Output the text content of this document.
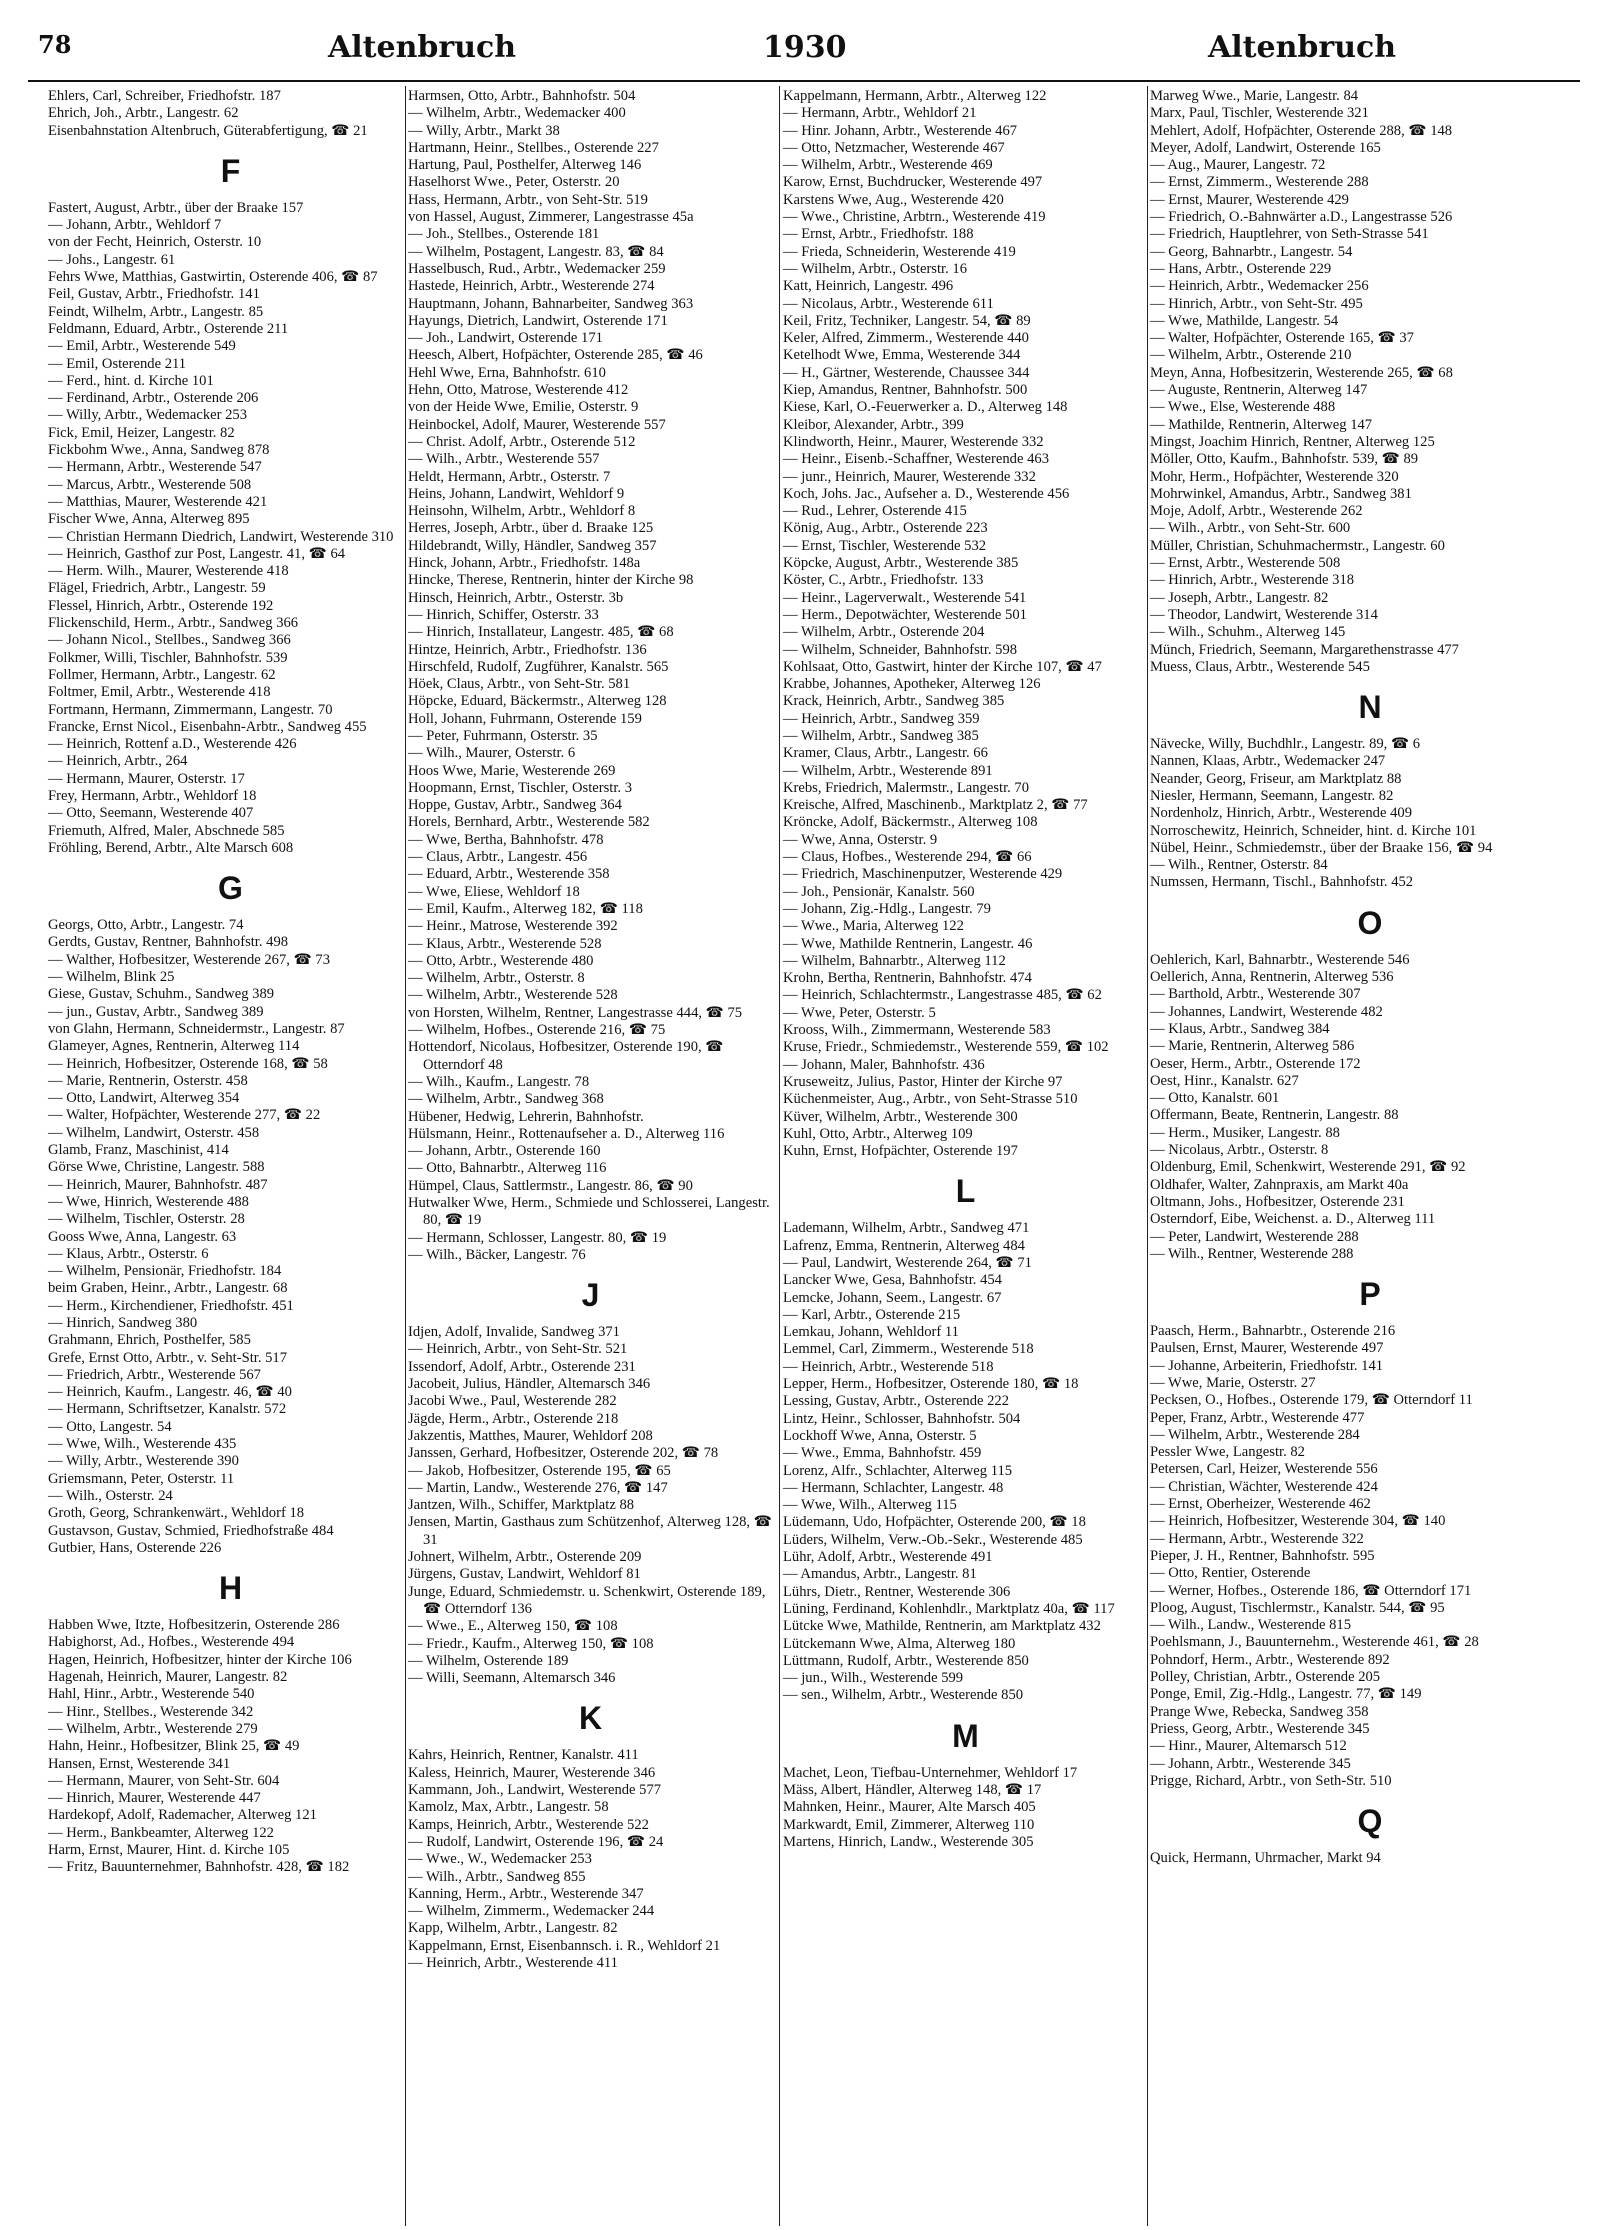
78	Altenbruch	1930	Altenbruch

Ehlers, Carl, Schreiber, Friedhofstr. 187

Ehrich, Joh., Arbtr., Langestr. 62

Eisenbahnstation Altenbruch, Güterabfertigung, ☎ 21

F

Fastert, August, Arbtr., über der Braake 157

— Johann, Arbtr., Wehldorf 7

von der Fecht, Heinrich, Osterstr. 10

— Johs., Langestr. 61

Fehrs Wwe, Matthias, Gastwirtin, Osterende 406, ☎ 87

Feil, Gustav, Arbtr., Friedhofstr. 141

Feindt, Wilhelm, Arbtr., Langestr. 85

Feldmann, Eduard, Arbtr., Osterende 211

— Emil, Arbtr., Westerende 549

— Emil, Osterende 211

— Ferd., hint. d. Kirche 101

— Ferdinand, Arbtr., Osterende 206

— Willy, Arbtr., Wedemacker 253

Fick, Emil, Heizer, Langestr. 82

Fickbohm Wwe., Anna, Sandweg 878

— Hermann, Arbtr., Westerende 547

— Marcus, Arbtr., Westerende 508

— Matthias, Maurer, Westerende 421

Fischer Wwe, Anna, Alterweg 895

— Christian Hermann Diedrich, Landwirt, Westerende 310

— Heinrich, Gasthof zur Post, Langestr. 41, ☎ 64

— Herm. Wilh., Maurer, Westerende 418

Flägel, Friedrich, Arbtr., Langestr. 59

Flessel, Hinrich, Arbtr., Osterende 192

Flickenschild, Herm., Arbtr., Sandweg 366

— Johann Nicol., Stellbes., Sandweg 366

Folkmer, Willi, Tischler, Bahnhofstr. 539

Follmer, Hermann, Arbtr., Langestr. 62

Foltmer, Emil, Arbtr., Westerende 418

Fortmann, Hermann, Zimmermann, Langestr. 70

Francke, Ernst Nicol., Eisenbahn-Arbtr., Sandweg 455

— Heinrich, Rottenf a.D., Westerende 426

— Heinrich, Arbtr., 264

— Hermann, Maurer, Osterstr. 17

Frey, Hermann, Arbtr., Wehldorf 18

— Otto, Seemann, Westerende 407

Friemuth, Alfred, Maler, Abschnede 585

Fröhling, Berend, Arbtr., Alte Marsch 608

G

Georgs, Otto, Arbtr., Langestr. 74

Gerdts, Gustav, Rentner, Bahnhofstr. 498

— Walther, Hofbesitzer, Westerende 267, ☎ 73

— Wilhelm, Blink 25

Giese, Gustav, Schuhm., Sandweg 389

— jun., Gustav, Arbtr., Sandweg 389

von Glahn, Hermann, Schneidermstr., Langestr. 87

Glameyer, Agnes, Rentnerin, Alterweg 114

— Heinrich, Hofbesitzer, Osterende 168, ☎ 58

— Marie, Rentnerin, Osterstr. 458

— Otto, Landwirt, Alterweg 354

— Walter, Hofpächter, Westerende 277, ☎ 22

— Wilhelm, Landwirt, Osterstr. 458

Glamb, Franz, Maschinist, 414

Görse Wwe, Christine, Langestr. 588

— Heinrich, Maurer, Bahnhofstr. 487

— Wwe, Hinrich, Westerende 488

— Wilhelm, Tischler, Osterstr. 28

Gooss Wwe, Anna, Langestr. 63

— Klaus, Arbtr., Osterstr. 6

— Wilhelm, Pensionär, Friedhofstr. 184

beim Graben, Heinr., Arbtr., Langestr. 68

— Herm., Kirchendiener, Friedhofstr. 451

— Hinrich, Sandweg 380

Grahmann, Ehrich, Posthelfer, 585

Grefe, Ernst Otto, Arbtr., v. Seht-Str. 517

— Friedrich, Arbtr., Westerende 567

— Heinrich, Kaufm., Langestr. 46, ☎ 40

— Hermann, Schriftsetzer, Kanalstr. 572

— Otto, Langestr. 54

— Wwe, Wilh., Westerende 435

— Willy, Arbtr., Westerende 390

Griemsmann, Peter, Osterstr. 11

— Wilh., Osterstr. 24

Groth, Georg, Schrankenwärt., Wehldorf 18

Gustavson, Gustav, Schmied, Friedhofstraße 484

Gutbier, Hans, Osterende 226

H

Habben Wwe, Itzte, Hofbesitzerin, Osterende 286

Habighorst, Ad., Hofbes., Westerende 494

Hagen, Heinrich, Hofbesitzer, hinter der Kirche 106

Hagenah, Heinrich, Maurer, Langestr. 82

Hahl, Hinr., Arbtr., Westerende 540

— Hinr., Stellbes., Westerende 342

— Wilhelm, Arbtr., Westerende 279

Hahn, Heinr., Hofbesitzer, Blink 25, ☎ 49

Hansen, Ernst, Westerende 341

— Hermann, Maurer, von Seht-Str. 604

— Hinrich, Maurer, Westerende 447

Hardekopf, Adolf, Rademacher, Alterweg 121

— Herm., Bankbeamter, Alterweg 122

Harm, Ernst, Maurer, Hint. d. Kirche 105

— Fritz, Bauunternehmer, Bahnhofstr. 428, ☎ 182

Harmsen, Otto, Arbtr., Bahnhofstr. 504

— Wilhelm, Arbtr., Wedemacker 400

— Willy, Arbtr., Markt 38

Hartmann, Heinr., Stellbes., Osterende 227

Hartung, Paul, Posthelfer, Alterweg 146

Haselhorst Wwe., Peter, Osterstr. 20

Hass, Hermann, Arbtr., von Seht-Str. 519

von Hassel, August, Zimmerer, Langestrasse 45a

— Joh., Stellbes., Osterende 181

— Wilhelm, Postagent, Langestr. 83, ☎ 84

Hasselbusch, Rud., Arbtr., Wedemacker 259

Hastede, Heinrich, Arbtr., Westerende 274

Hauptmann, Johann, Bahnarbeiter, Sandweg 363

Hayungs, Dietrich, Landwirt, Osterende 171

— Joh., Landwirt, Osterende 171

Heesch, Albert, Hofpächter, Osterende 285, ☎ 46

Hehl Wwe, Erna, Bahnhofstr. 610

Hehn, Otto, Matrose, Westerende 412

von der Heide Wwe, Emilie, Osterstr. 9

Heinbockel, Adolf, Maurer, Westerende 557

— Christ. Adolf, Arbtr., Osterende 512

— Wilh., Arbtr., Westerende 557

Heldt, Hermann, Arbtr., Osterstr. 7

Heins, Johann, Landwirt, Wehldorf 9

Heinsohn, Wilhelm, Arbtr., Wehldorf 8

Herres, Joseph, Arbtr., über d. Braake 125

Hildebrandt, Willy, Händler, Sandweg 357

Hinck, Johann, Arbtr., Friedhofstr. 148a

Hincke, Therese, Rentnerin, hinter der Kirche 98

Hinsch, Heinrich, Arbtr., Osterstr. 3b

— Hinrich, Schiffer, Osterstr. 33

— Hinrich, Installateur, Langestr. 485, ☎ 68

Hintze, Heinrich, Arbtr., Friedhofstr. 136

Hirschfeld, Rudolf, Zugführer, Kanalstr. 565

Höek, Claus, Arbtr., von Seht-Str. 581

Höpcke, Eduard, Bäckermstr., Alterweg 128

Holl, Johann, Fuhrmann, Osterende 159

— Peter, Fuhrmann, Osterstr. 35

— Wilh., Maurer, Osterstr. 6

Hoos Wwe, Marie, Westerende 269

Hoopmann, Ernst, Tischler, Osterstr. 3

Hoppe, Gustav, Arbtr., Sandweg 364

Horels, Bernhard, Arbtr., Westerende 582

— Wwe, Bertha, Bahnhofstr. 478

— Claus, Arbtr., Langestr. 456

— Eduard, Arbtr., Westerende 358

— Wwe, Eliese, Wehldorf 18

— Emil, Kaufm., Alterweg 182, ☎ 118

— Heinr., Matrose, Westerende 392

— Klaus, Arbtr., Westerende 528

— Otto, Arbtr., Westerende 480

— Wilhelm, Arbtr., Osterstr. 8

— Wilhelm, Arbtr., Westerende 528

von Horsten, Wilhelm, Rentner, Langestrasse 444, ☎ 75

— Wilhelm, Hofbes., Osterende 216, ☎ 75

Hottendorf, Nicolaus, Hofbesitzer, Osterende 190, ☎ Otterndorf 48

— Wilh., Kaufm., Langestr. 78

— Wilhelm, Arbtr., Sandweg 368

Hübener, Hedwig, Lehrerin, Bahnhofstr.

Hülsmann, Heinr., Rottenaufseher a. D., Alterweg 116

— Johann, Arbtr., Osterende 160

— Otto, Bahnarbtr., Alterweg 116

Hümpel, Claus, Sattlermstr., Langestr. 86, ☎ 90

Hutwalker Wwe, Herm., Schmiede und Schlosserei, Langestr. 80, ☎ 19

— Hermann, Schlosser, Langestr. 80, ☎ 19

— Wilh., Bäcker, Langestr. 76

J

Idjen, Adolf, Invalide, Sandweg 371

— Heinrich, Arbtr., von Seht-Str. 521

Issendorf, Adolf, Arbtr., Osterende 231

Jacobeit, Julius, Händler, Altemarsch 346

Jacobi Wwe., Paul, Westerende 282

Jägde, Herm., Arbtr., Osterende 218

Jakzentis, Matthes, Maurer, Wehldorf 208

Janssen, Gerhard, Hofbesitzer, Osterende 202, ☎ 78

— Jakob, Hofbesitzer, Osterende 195, ☎ 65

— Martin, Landw., Westerende 276, ☎ 147

Jantzen, Wilh., Schiffer, Marktplatz 88

Jensen, Martin, Gasthaus zum Schützenhof, Alterweg 128, ☎ 31

Johnert, Wilhelm, Arbtr., Osterende 209

Jürgens, Gustav, Landwirt, Wehldorf 81

Junge, Eduard, Schmiedemstr. u. Schenkwirt, Osterende 189, ☎ Otterndorf 136

— Wwe., E., Alterweg 150, ☎ 108

— Friedr., Kaufm., Alterweg 150, ☎ 108

— Wilhelm, Osterende 189

— Willi, Seemann, Altemarsch 346

K

Kahrs, Heinrich, Rentner, Kanalstr. 411

Kaless, Heinrich, Maurer, Westerende 346

Kammann, Joh., Landwirt, Westerende 577

Kamolz, Max, Arbtr., Langestr. 58

Kamps, Heinrich, Arbtr., Westerende 522

— Rudolf, Landwirt, Osterende 196, ☎ 24

— Wwe., W., Wedemacker 253

— Wilh., Arbtr., Sandweg 855

Kanning, Herm., Arbtr., Westerende 347

— Wilhelm, Zimmerm., Wedemacker 244

Kapp, Wilhelm, Arbtr., Langestr. 82

Kappelmann, Ernst, Eisenbannsch. i. R., Wehldorf 21

— Heinrich, Arbtr., Westerende 411

Kappelmann, Hermann, Arbtr., Alterweg 122

— Hermann, Arbtr., Wehldorf 21

— Hinr. Johann, Arbtr., Westerende 467

— Otto, Netzmacher, Westerende 467

— Wilhelm, Arbtr., Westerende 469

Karow, Ernst, Buchdrucker, Westerende 497

Karstens Wwe, Aug., Westerende 420

— Wwe., Christine, Arbtrn., Westerende 419

— Ernst, Arbtr., Friedhofstr. 188

— Frieda, Schneiderin, Westerende 419

— Wilhelm, Arbtr., Osterstr. 16

Katt, Heinrich, Langestr. 496

— Nicolaus, Arbtr., Westerende 611

Keil, Fritz, Techniker, Langestr. 54, ☎ 89

Keler, Alfred, Zimmerm., Westerende 440

Ketelhodt Wwe, Emma, Westerende 344

— H., Gärtner, Westerende, Chaussee 344

Kiep, Amandus, Rentner, Bahnhofstr. 500

Kiese, Karl, O.-Feuerwerker a. D., Alterweg 148

Kleibor, Alexander, Arbtr., 399

Klindworth, Heinr., Maurer, Westerende 332

— Heinr., Eisenb.-Schaffner, Westerende 463

— junr., Heinrich, Maurer, Westerende 332

Koch, Johs. Jac., Aufseher a. D., Westerende 456

— Rud., Lehrer, Osterende 415

König, Aug., Arbtr., Osterende 223

— Ernst, Tischler, Westerende 532

Köpcke, August, Arbtr., Westerende 385

Köster, C., Arbtr., Friedhofstr. 133

— Heinr., Lagerverwalt., Westerende 541

— Herm., Depotwächter, Westerende 501

— Wilhelm, Arbtr., Osterende 204

— Wilhelm, Schneider, Bahnhofstr. 598

Kohlsaat, Otto, Gastwirt, hinter der Kirche 107, ☎ 47

Krabbe, Johannes, Apotheker, Alterweg 126

Krack, Heinrich, Arbtr., Sandweg 385

— Heinrich, Arbtr., Sandweg 359

— Wilhelm, Arbtr., Sandweg 385

Kramer, Claus, Arbtr., Langestr. 66

— Wilhelm, Arbtr., Westerende 891

Krebs, Friedrich, Malermstr., Langestr. 70

Kreische, Alfred, Maschinenb., Marktplatz 2, ☎ 77

Kröncke, Adolf, Bäckermstr., Alterweg 108

— Wwe, Anna, Osterstr. 9

— Claus, Hofbes., Westerende 294, ☎ 66

— Friedrich, Maschinenputzer, Westerende 429

— Joh., Pensionär, Kanalstr. 560

— Johann, Zig.-Hdlg., Langestr. 79

— Wwe., Maria, Alterweg 122

— Wwe, Mathilde Rentnerin, Langestr. 46

— Wilhelm, Bahnarbtr., Alterweg 112

Krohn, Bertha, Rentnerin, Bahnhofstr. 474

— Heinrich, Schlachtermstr., Langestrasse 485, ☎ 62

— Wwe, Peter, Osterstr. 5

Krooss, Wilh., Zimmermann, Westerende 583

Kruse, Friedr., Schmiedemstr., Westerende 559, ☎ 102

— Johann, Maler, Bahnhofstr. 436

Kruseweitz, Julius, Pastor, Hinter der Kirche 97

Küchenmeister, Aug., Arbtr., von Seht-Strasse 510

Küver, Wilhelm, Arbtr., Westerende 300

Kuhl, Otto, Arbtr., Alterweg 109

Kuhn, Ernst, Hofpächter, Osterende 197

L

Lademann, Wilhelm, Arbtr., Sandweg 471

Lafrenz, Emma, Rentnerin, Alterweg 484

— Paul, Landwirt, Westerende 264, ☎ 71

Lancker Wwe, Gesa, Bahnhofstr. 454

Lemcke, Johann, Seem., Langestr. 67

— Karl, Arbtr., Osterende 215

Lemkau, Johann, Wehldorf 11

Lemmel, Carl, Zimmerm., Westerende 518

— Heinrich, Arbtr., Westerende 518

Lepper, Herm., Hofbesitzer, Osterende 180, ☎ 18

Lessing, Gustav, Arbtr., Osterende 222

Lintz, Heinr., Schlosser, Bahnhofstr. 504

Lockhoff Wwe, Anna, Osterstr. 5

— Wwe., Emma, Bahnhofstr. 459

Lorenz, Alfr., Schlachter, Alterweg 115

— Hermann, Schlachter, Langestr. 48

— Wwe, Wilh., Alterweg 115

Lüdemann, Udo, Hofpächter, Osterende 200, ☎ 18

Lüders, Wilhelm, Verw.-Ob.-Sekr., Westerende 485

Lühr, Adolf, Arbtr., Westerende 491

— Amandus, Arbtr., Langestr. 81

Lührs, Dietr., Rentner, Westerende 306

Lüning, Ferdinand, Kohlenhdlr., Marktplatz 40a, ☎ 117

Lütcke Wwe, Mathilde, Rentnerin, am Marktplatz 432

Lütckemann Wwe, Alma, Alterweg 180

Lüttmann, Rudolf, Arbtr., Westerende 850

— jun., Wilh., Westerende 599

— sen., Wilhelm, Arbtr., Westerende 850

M

Machet, Leon, Tiefbau-Unternehmer, Wehldorf 17

Mäss, Albert, Händler, Alterweg 148, ☎ 17

Mahnken, Heinr., Maurer, Alte Marsch 405

Markwardt, Emil, Zimmerer, Alterweg 110

Martens, Hinrich, Landw., Westerende 305

Marweg Wwe., Marie, Langestr. 84

Marx, Paul, Tischler, Westerende 321

Mehlert, Adolf, Hofpächter, Osterende 288, ☎ 148

Meyer, Adolf, Landwirt, Osterende 165

— Aug., Maurer, Langestr. 72

— Ernst, Zimmerm., Westerende 288

— Ernst, Maurer, Westerende 429

— Friedrich, O.-Bahnwärter a.D., Langestrasse 526

— Friedrich, Hauptlehrer, von Seth-Strasse 541

— Georg, Bahnarbtr., Langestr. 54

— Hans, Arbtr., Osterende 229

— Heinrich, Arbtr., Wedemacker 256

— Hinrich, Arbtr., von Seht-Str. 495

— Wwe, Mathilde, Langestr. 54

— Walter, Hofpächter, Osterende 165, ☎ 37

— Wilhelm, Arbtr., Osterende 210

Meyn, Anna, Hofbesitzerin, Westerende 265, ☎ 68

— Auguste, Rentnerin, Alterweg 147

— Wwe., Else, Westerende 488

— Mathilde, Rentnerin, Alterweg 147

Mingst, Joachim Hinrich, Rentner, Alterweg 125

Möller, Otto, Kaufm., Bahnhofstr. 539, ☎ 89

Mohr, Herm., Hofpächter, Westerende 320

Mohrwinkel, Amandus, Arbtr., Sandweg 381

Moje, Adolf, Arbtr., Westerende 262

— Wilh., Arbtr., von Seht-Str. 600

Müller, Christian, Schuhmachermstr., Langestr. 60

— Ernst, Arbtr., Westerende 508

— Hinrich, Arbtr., Westerende 318

— Joseph, Arbtr., Langestr. 82

— Theodor, Landwirt, Westerende 314

— Wilh., Schuhm., Alterweg 145

Münch, Friedrich, Seemann, Margarethenstrasse 477

Muess, Claus, Arbtr., Westerende 545

N

Nävecke, Willy, Buchdhlr., Langestr. 89, ☎ 6

Nannen, Klaas, Arbtr., Wedemacker 247

Neander, Georg, Friseur, am Marktplatz 88

Niesler, Hermann, Seemann, Langestr. 82

Nordenholz, Hinrich, Arbtr., Westerende 409

Norroschewitz, Heinrich, Schneider, hint. d. Kirche 101

Nübel, Heinr., Schmiedemstr., über der Braake 156, ☎ 94

— Wilh., Rentner, Osterstr. 84

Numssen, Hermann, Tischl., Bahnhofstr. 452

O

Oehlerich, Karl, Bahnarbtr., Westerende 546

Oellerich, Anna, Rentnerin, Alterweg 536

— Barthold, Arbtr., Westerende 307

— Johannes, Landwirt, Westerende 482

— Klaus, Arbtr., Sandweg 384

— Marie, Rentnerin, Alterweg 586

Oeser, Herm., Arbtr., Osterende 172

Oest, Hinr., Kanalstr. 627

— Otto, Kanalstr. 601

Offermann, Beate, Rentnerin, Langestr. 88

— Herm., Musiker, Langestr. 88

— Nicolaus, Arbtr., Osterstr. 8

Oldenburg, Emil, Schenkwirt, Westerende 291, ☎ 92

Oldhafer, Walter, Zahnpraxis, am Markt 40a

Oltmann, Johs., Hofbesitzer, Osterende 231

Osterndorf, Eibe, Weichenst. a. D., Alterweg 111

— Peter, Landwirt, Westerende 288

— Wilh., Rentner, Westerende 288

P

Paasch, Herm., Bahnarbtr., Osterende 216

Paulsen, Ernst, Maurer, Westerende 497

— Johanne, Arbeiterin, Friedhofstr. 141

— Wwe, Marie, Osterstr. 27

Pecksen, O., Hofbes., Osterende 179, ☎ Otterndorf 11

Peper, Franz, Arbtr., Westerende 477

— Wilhelm, Arbtr., Westerende 284

Pessler Wwe, Langestr. 82

Petersen, Carl, Heizer, Westerende 556

— Christian, Wächter, Westerende 424

— Ernst, Oberheizer, Westerende 462

— Heinrich, Hofbesitzer, Westerende 304, ☎ 140

— Hermann, Arbtr., Westerende 322

Pieper, J. H., Rentner, Bahnhofstr. 595

— Otto, Rentier, Osterende

— Werner, Hofbes., Osterende 186, ☎ Otterndorf 171

Ploog, August, Tischlermstr., Kanalstr. 544, ☎ 95

— Wilh., Landw., Westerende 815

Poehlsmann, J., Bauunternehm., Westerende 461, ☎ 28

Pohndorf, Herm., Arbtr., Westerende 892

Polley, Christian, Arbtr., Osterende 205

Ponge, Emil, Zig.-Hdlg., Langestr. 77, ☎ 149

Prange Wwe, Rebecka, Sandweg 358

Priess, Georg, Arbtr., Westerende 345

— Hinr., Maurer, Altemarsch 512

— Johann, Arbtr., Westerende 345

Prigge, Richard, Arbtr., von Seth-Str. 510

Q

Quick, Hermann, Uhrmacher, Markt 94
